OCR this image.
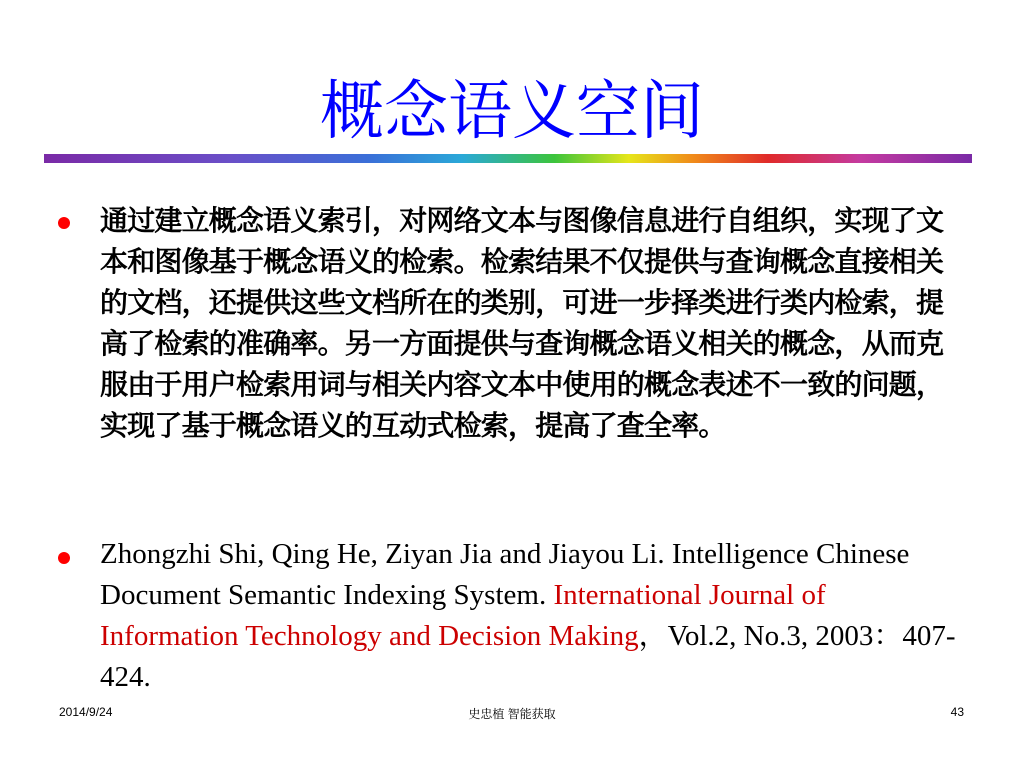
概念语义空间
通过建立概念语义索引，对网络文本与图像信息进行自组织，实现了文本和图像基于概念语义的检索。检索结果不仅提供与查询概念直接相关的文档，还提供这些文档所在的类别，可进一步择类进行类内检索，提高了检索的准确率。另一方面提供与查询概念语义相关的概念，从而克服由于用户检索用词与相关内容文本中使用的概念表述不一致的问题，实现了基于概念语义的互动式检索，提高了查全率。
Zhongzhi Shi, Qing He, Ziyan Jia and Jiayou Li. Intelligence Chinese Document Semantic Indexing System. International Journal of Information Technology and Decision Making，Vol.2, No.3, 2003：407-424.
2014/9/24	史忠植 智能获取	43
